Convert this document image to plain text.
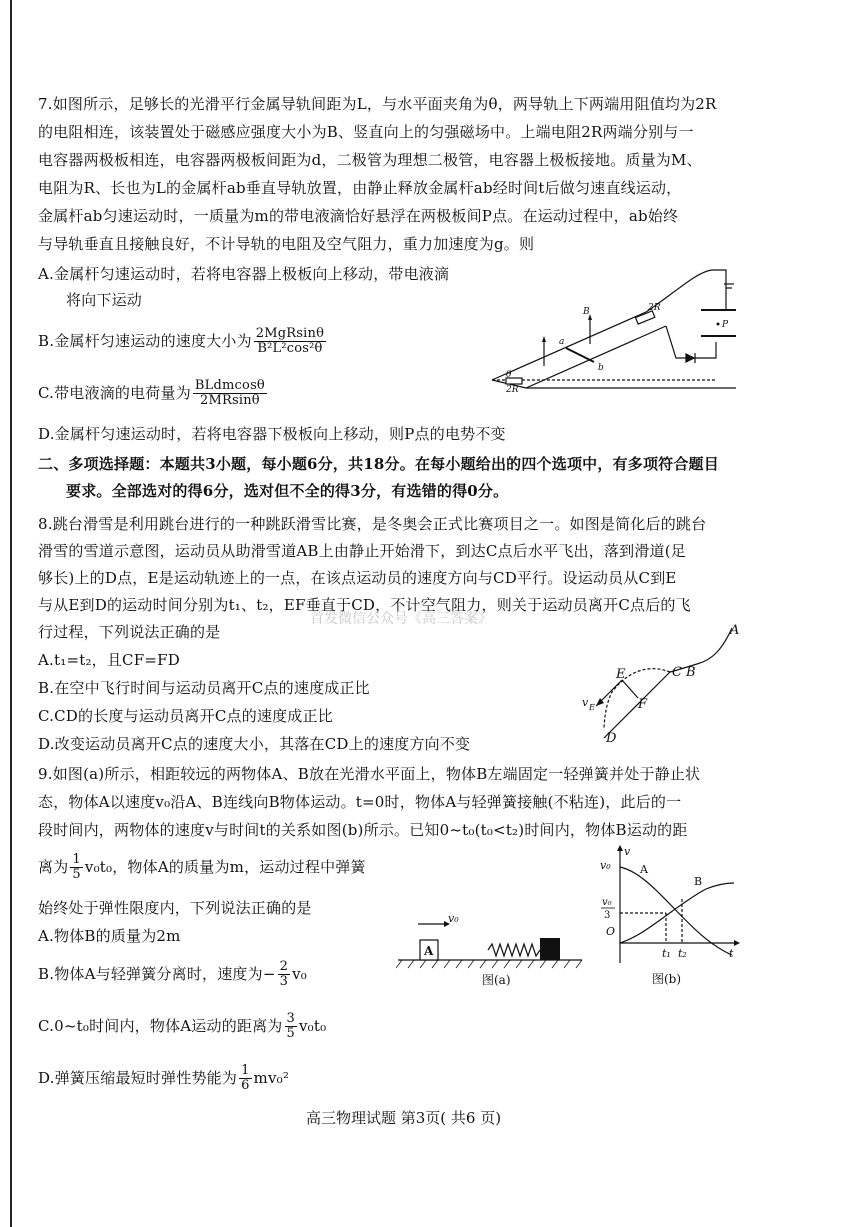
7.如图所示，足够长的光滑平行金属导轨间距为L，与水平面夹角为θ，两导轨上下两端用阻值均为2R
的电阻相连，该装置处于磁感应强度大小为B、竖直向上的匀强磁场中。上端电阻2R两端分别与一
电容器两极板相连，电容器两极板间距为d，二极管为理想二极管，电容器上极板接地。质量为M、
电阻为R、长也为L的金属杆ab垂直导轨放置，由静止释放金属杆ab经时间t后做匀速直线运动，
金属杆ab匀速运动时，一质量为m的带电液滴恰好悬浮在两极板间P点。在运动过程中，ab始终
与导轨垂直且接触良好，不计导轨的电阻及空气阻力，重力加速度为g。则
A.金属杆匀速运动时，若将电容器上极板向上移动，带电液滴
将向下运动
B.金属杆匀速运动的速度大小为 $\frac{\text{2MgRsinθ}}{\text{B²L²cos²θ}}$
C.带电液滴的电荷量为 $\frac{\text{BLdmcosθ}}{2MRsin\theta}$
D.金属杆匀速运动时，若将电容器下极板向上移动，则P点的电势不变
B	2R
a
b
θ
2R
P
二、多项选择题：本题共3小题，每小题6分，共18分。在每小题给出的四个选项中，有多项符合题目
要求。全部选对的得6分，选对但不全的得3分，有选错的得0分。
8.跳台滑雪是利用跳台进行的一种跳跃滑雪比赛，是冬奥会正式比赛项目之一。如图是简化后的跳台
滑雪的雪道示意图，运动员从助滑雪道AB上由静止开始滑下，到达C点后水平飞出，落到滑道(足
够长)上的D点，E是运动轨迹上的一点，在该点运动员的速度方向与CD平行。设运动员从C到E
与从E到D的运动时间分别为t₁、t₂，EF垂直于CD，不计空气阻力，则关于运动员离开C点后的飞
行过程，下列说法正确的是
首发微信公众号《高三答案》
A.t₁=t₂，且CF=FD
B.在空中飞行时间与运动员离开C点的速度成正比
C.CD的长度与运动员离开C点的速度成正比
D.改变运动员离开C点的速度大小，其落在CD上的速度方向不变
A
C B
E
F
D
v E
9.如图(a)所示，相距较远的两物体A、B放在光滑水平面上，物体B左端固定一轻弹簧并处于静止状
态，物体A以速度v₀沿A、B连线向B物体运动。t=0时，物体A与轻弹簧接触(不粘连)，此后的一
段时间内，两物体的速度v与时间t的关系如图(b)所示。已知0~t₀(t₀<t₂)时间内，物体B运动的距
离为 $\frac{1}{5} v_0t_0$，物体A的质量为m，运动过程中弹簧
始终处于弹性限度内，下列说法正确的是
A.物体B的质量为2m
B.物体A与轻弹簧分离时，速度为− $\frac{2}{3} v_0$
C.0~t₀时间内，物体A运动的距离为 $\frac{3}{5} v_0t_0$
D.弹簧压缩最短时弹性势能为 $\frac{1}{6} mv_0^2$
A
v₀
图(a)
v
v₀
v₀
3
O
A
B
t₁ t₂	t
图(b)
高三物理试题 第3页( 共6 页)
